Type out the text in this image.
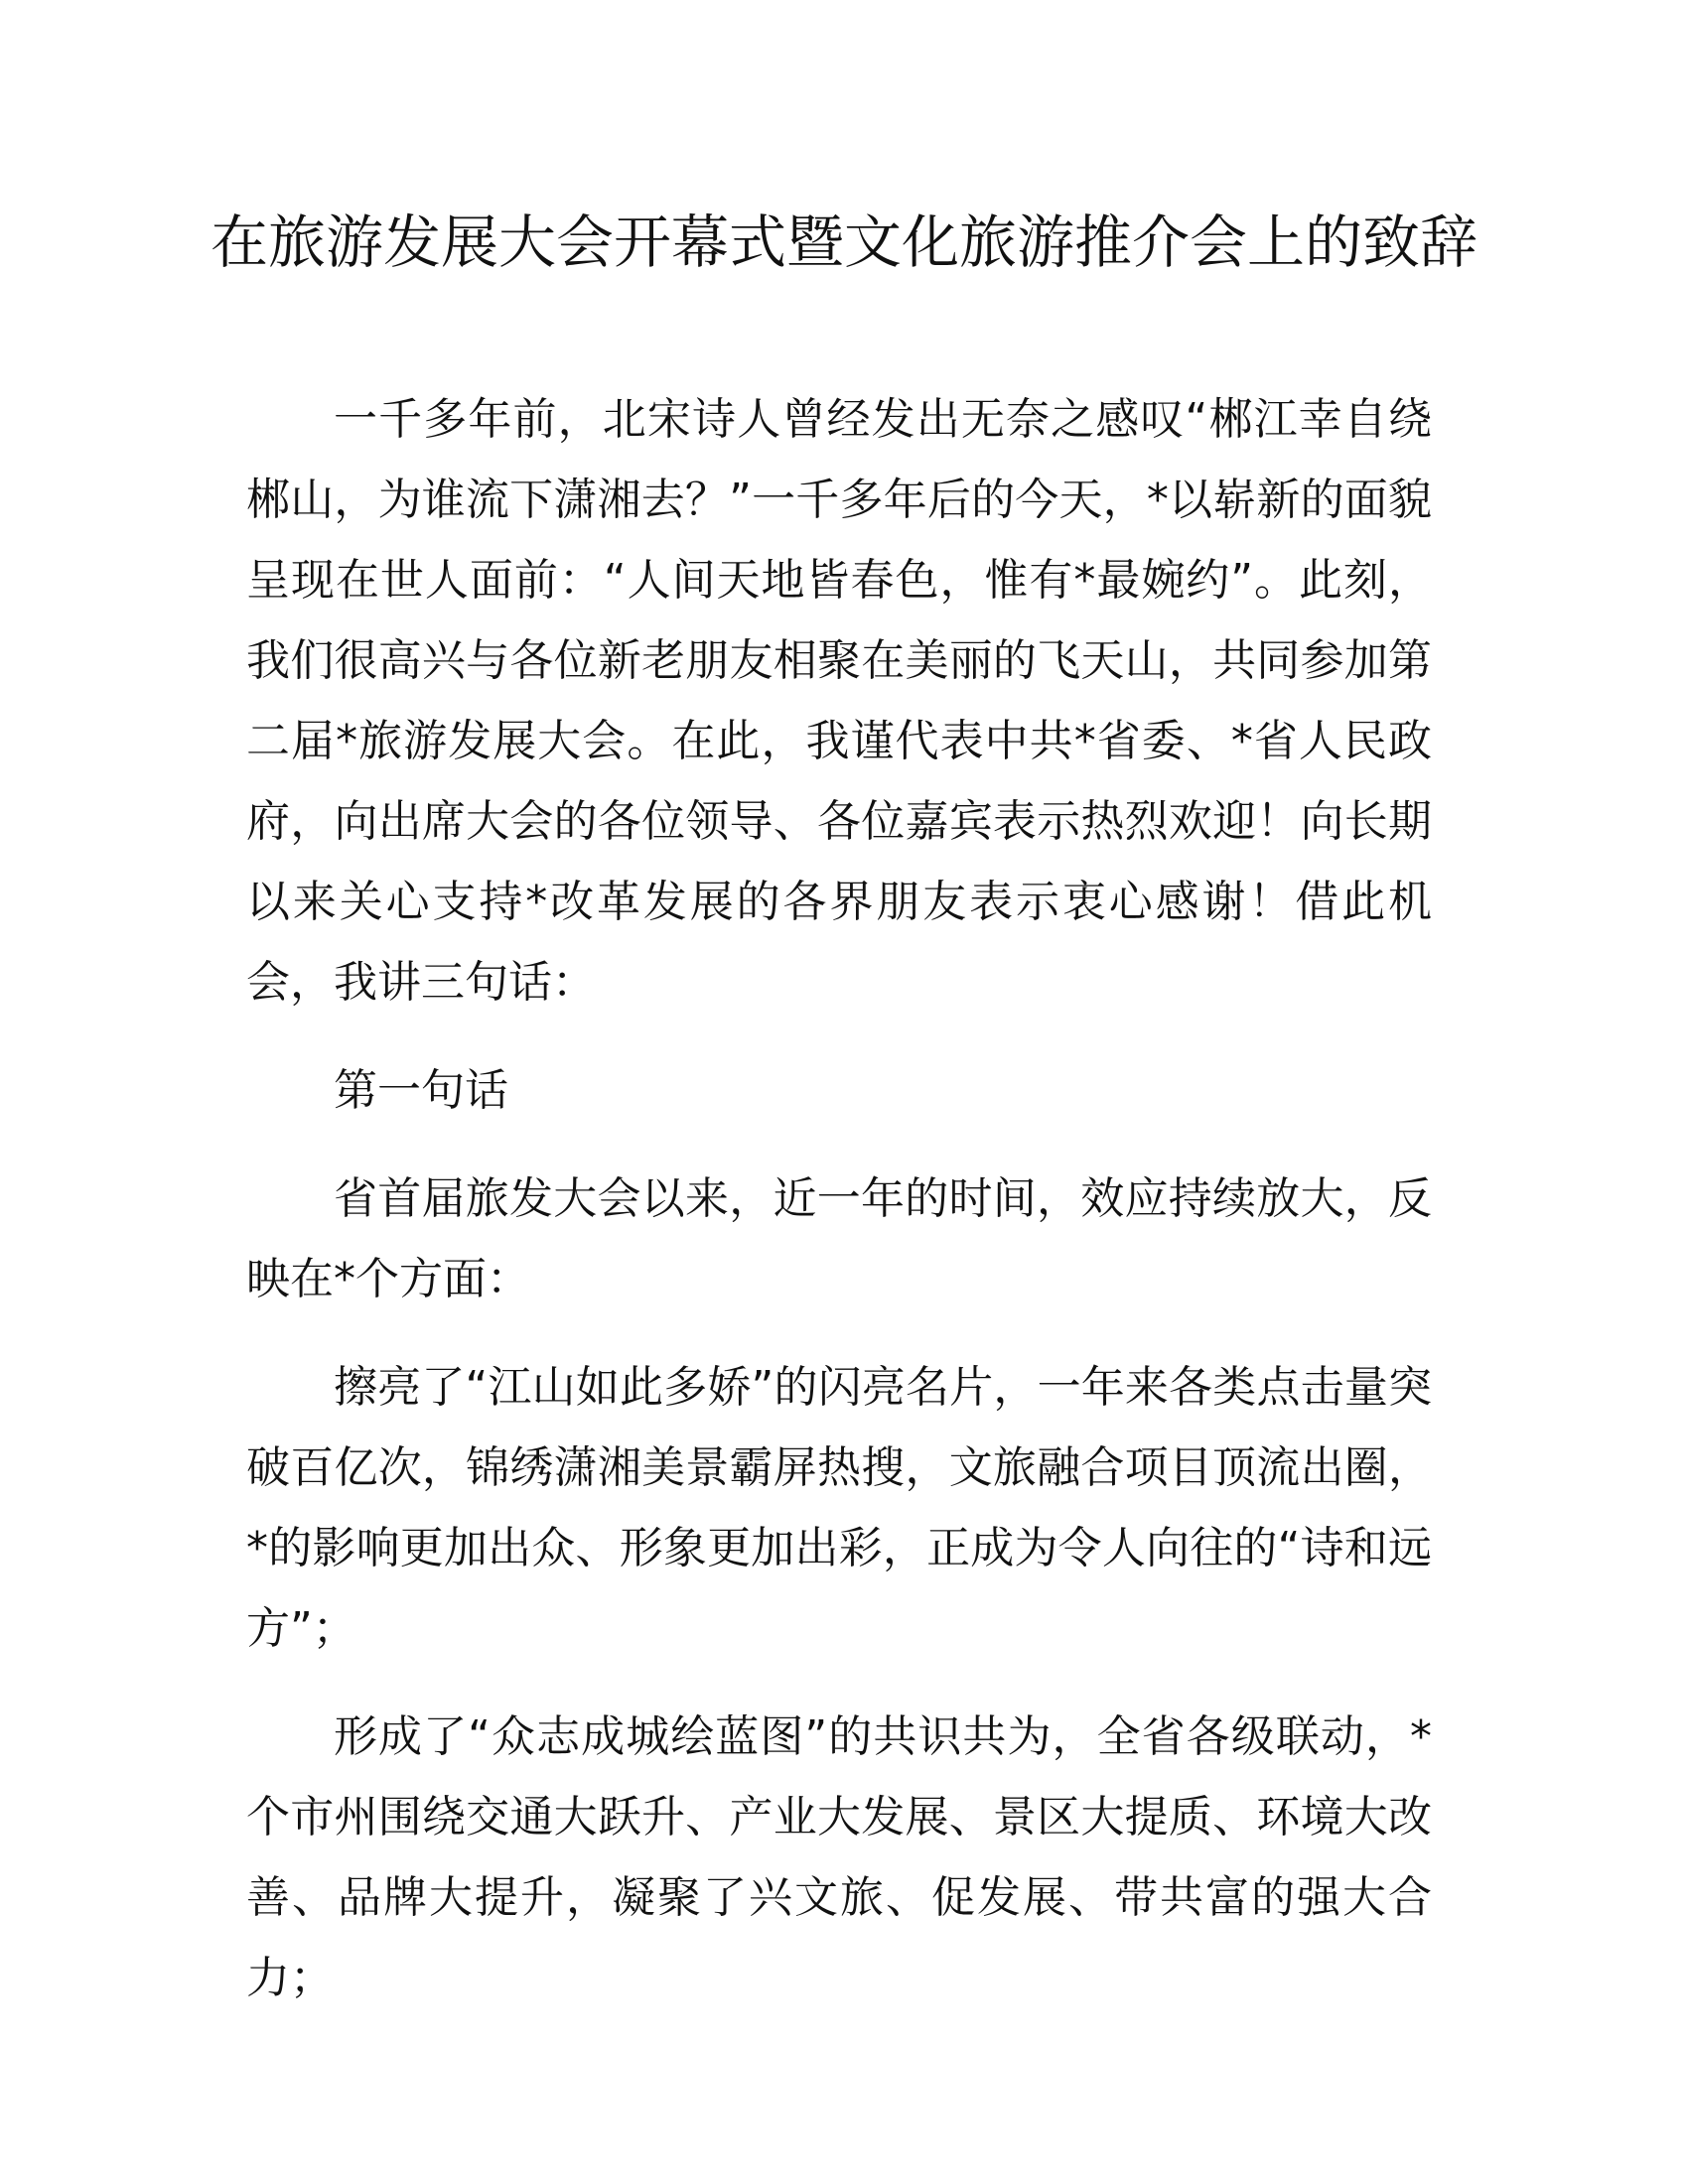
在旅游发展大会开幕式暨文化旅游推介会上的致辞

一千多年前，北宋诗人曾经发出无奈之感叹“郴江幸自绕郴山，为谁流下潇湘去？”一千多年后的今天，*以崭新的面貌呈现在世人面前：“人间天地皆春色，惟有*最婉约”。此刻，我们很高兴与各位新老朋友相聚在美丽的飞天山，共同参加第二届*旅游发展大会。在此，我谨代表中共*省委、*省人民政府，向出席大会的各位领导、各位嘉宾表示热烈欢迎！向长期以来关心支持*改革发展的各界朋友表示衷心感谢！借此机会，我讲三句话：

第一句话

省首届旅发大会以来，近一年的时间，效应持续放大，反映在*个方面：

擦亮了“江山如此多娇”的闪亮名片，一年来各类点击量突破百亿次，锦绣潇湘美景霸屏热搜，文旅融合项目顶流出圈，*的影响更加出众、形象更加出彩，正成为令人向往的“诗和远方”；

形成了“众志成城绘蓝图”的共识共为，全省各级联动，*个市州围绕交通大跃升、产业大发展、景区大提质、环境大改善、品牌大提升，凝聚了兴文旅、促发展、带共富的强大合力；
